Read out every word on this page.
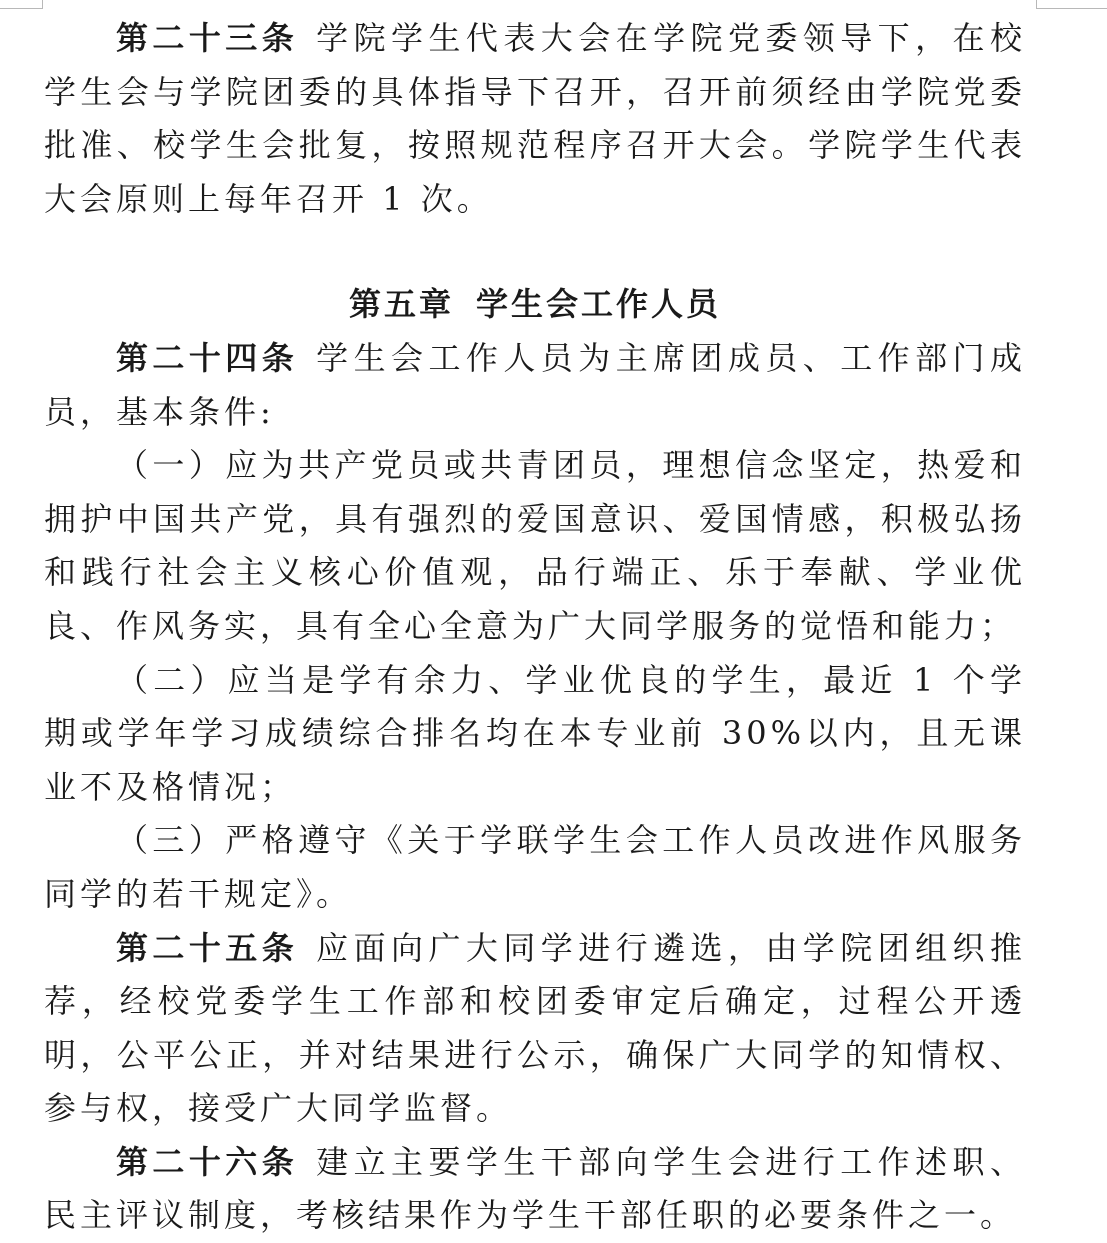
第二十三条 学院学生代表大会在学院党委领导下，在校学生会与学院团委的具体指导下召开，召开前须经由学院党委批准、校学生会批复，按照规范程序召开大会。学院学生代表大会原则上每年召开 1 次。

第五章 学生会工作人员

第二十四条 学生会工作人员为主席团成员、工作部门成员，基本条件:

（一）应为共产党员或共青团员，理想信念坚定，热爱和拥护中国共产党，具有强烈的爱国意识、爱国情感，积极弘扬和践行社会主义核心价值观，品行端正、乐于奉献、学业优良、作风务实，具有全心全意为广大同学服务的觉悟和能力；

（二）应当是学有余力、学业优良的学生，最近 1 个学期或学年学习成绩综合排名均在本专业前 30%以内，且无课业不及格情况；

（三）严格遵守《关于学联学生会工作人员改进作风服务同学的若干规定》。

第二十五条 应面向广大同学进行遴选，由学院团组织推荐，经校党委学生工作部和校团委审定后确定，过程公开透明，公平公正，并对结果进行公示，确保广大同学的知情权、参与权，接受广大同学监督。

第二十六条 建立主要学生干部向学生会进行工作述职、民主评议制度，考核结果作为学生干部任职的必要条件之一。
